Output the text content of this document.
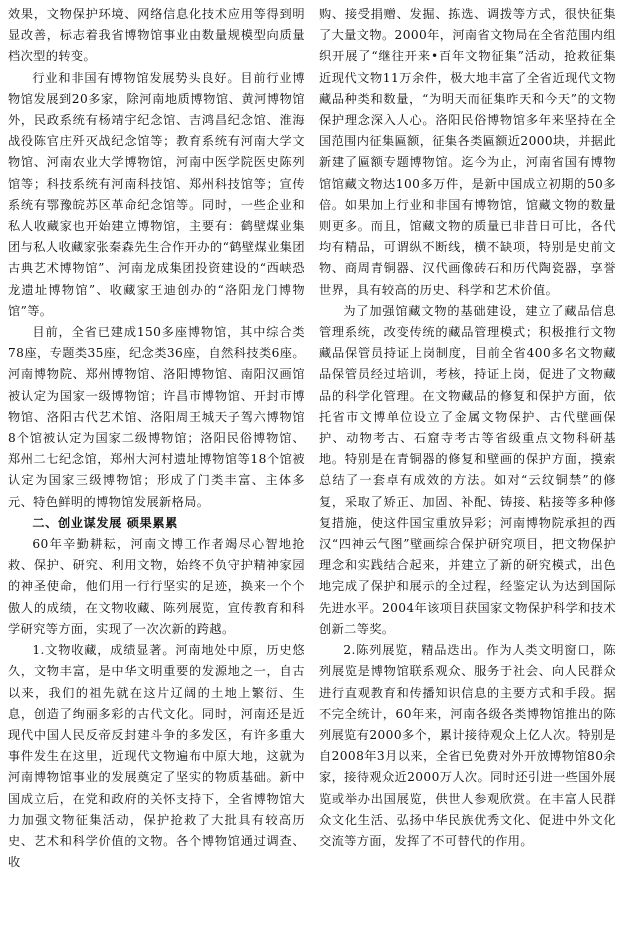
效果，文物保护环境、网络信息化技术应用等得到明显改善，标志着我省博物馆事业由数量规模型向质量档次型的转变。

行业和非国有博物馆发展势头良好。目前行业博物馆发展到20多家，除河南地质博物馆、黄河博物馆外，民政系统有杨靖宇纪念馆、吉鸿昌纪念馆、淮海战役陈官庄歼灭战纪念馆等；教育系统有河南大学文物馆、河南农业大学博物馆，河南中医学院医史陈列馆等；科技系统有河南科技馆、郑州科技馆等；宣传系统有鄂豫皖苏区革命纪念馆等。同时，一些企业和私人收藏家也开始建立博物馆，主要有：鹤壁煤业集团与私人收藏家张秦森先生合作开办的“鹤壁煤业集团古典艺术博物馆”、河南龙成集团投资建设的“西峡恐龙遗址博物馆”、收藏家王迪创办的“洛阳龙门博物馆”等。

目前，全省已建成150多座博物馆，其中综合类78座，专题类35座，纪念类36座，自然科技类6座。河南博物院、郑州博物馆、洛阳博物馆、南阳汉画馆被认定为国家一级博物馆；许昌市博物馆、开封市博物馆、洛阳古代艺术馆、洛阳周王城天子驾六博物馆8个馆被认定为国家二级博物馆；洛阳民俗博物馆、郑州二七纪念馆，郑州大河村遗址博物馆等18个馆被认定为国家三级博物馆；形成了门类丰富、主体多元、特色鲜明的博物馆发展新格局。

二、创业谋发展 硕果累累

60年辛勤耕耘，河南文博工作者竭尽心智地抢救、保护、研究、利用文物，始终不负守护精神家园的神圣使命，他们用一行行坚实的足迹，换来一个个傲人的成绩，在文物收藏、陈列展览，宣传教育和科学研究等方面，实现了一次次新的跨越。

1.文物收藏，成绩显著。河南地处中原，历史悠久，文物丰富，是中华文明重要的发源地之一，自古以来，我们的祖先就在这片辽阔的土地上繁衍、生息，创造了绚丽多彩的古代文化。同时，河南还是近现代中国人民反帝反封建斗争的多发区，有许多重大事件发生在这里，近现代文物遍布中原大地，这就为河南博物馆事业的发展奠定了坚实的物质基础。新中国成立后，在党和政府的关怀支持下，全省博物馆大力加强文物征集活动，保护抢救了大批具有较高历史、艺术和科学价值的文物。各个博物馆通过调查、收

购、接受捐赠、发掘、拣选、调拨等方式，很快征集了大量文物。2000年，河南省文物局在全省范围内组织开展了“继往开来•百年文物征集”活动，抢救征集近现代文物11万余件，极大地丰富了全省近现代文物藏品种类和数量，“为明天而征集昨天和今天”的文物保护理念深入人心。洛阳民俗博物馆多年来坚持在全国范围内征集匾额，征集各类匾额近2000块，并据此新建了匾额专题博物馆。迄今为止，河南省国有博物馆馆藏文物达100多万件，是新中国成立初期的50多倍。如果加上行业和非国有博物馆，馆藏文物的数量则更多。而且，馆藏文物的质量已非昔日可比，各代均有精品，可谓纵不断线，横不缺项，特别是史前文物、商周青铜器、汉代画像砖石和历代陶瓷器，享誉世界，具有较高的历史、科学和艺术价值。

为了加强馆藏文物的基础建设，建立了藏品信息管理系统，改变传统的藏品管理模式；积极推行文物藏品保管员持证上岗制度，目前全省400多名文物藏品保管员经过培训，考核，持证上岗，促进了文物藏品的科学化管理。在文物藏品的修复和保护方面，依托省市文博单位设立了金属文物保护、古代壁画保护、动物考古、石窟寺考古等省级重点文物科研基地。特别是在青铜器的修复和壁画的保护方面，摸索总结了一套卓有成效的方法。如对“云纹铜禁”的修复，采取了矫正、加固、补配、铸接、粘接等多种修复措施，使这件国宝重放异彩；河南博物院承担的西汉“四神云气图”壁画综合保护研究项目，把文物保护理念和实践结合起来，并建立了新的研究模式，出色地完成了保护和展示的全过程，经鉴定认为达到国际先进水平。2004年该项目获国家文物保护科学和技术创新二等奖。

2.陈列展览，精品迭出。作为人类文明窗口，陈列展览是博物馆联系观众、服务于社会、向人民群众进行直观教育和传播知识信息的主要方式和手段。据不完全统计，60年来，河南各级各类博物馆推出的陈列展览有2000多个，累计接待观众上亿人次。特别是自2008年3月以来，全省已免费对外开放博物馆80余家，接待观众近2000万人次。同时还引进一些国外展览或举办出国展览，供世人参观欣赏。在丰富人民群众文化生活、弘扬中华民族优秀文化、促进中外文化交流等方面，发挥了不可替代的作用。
